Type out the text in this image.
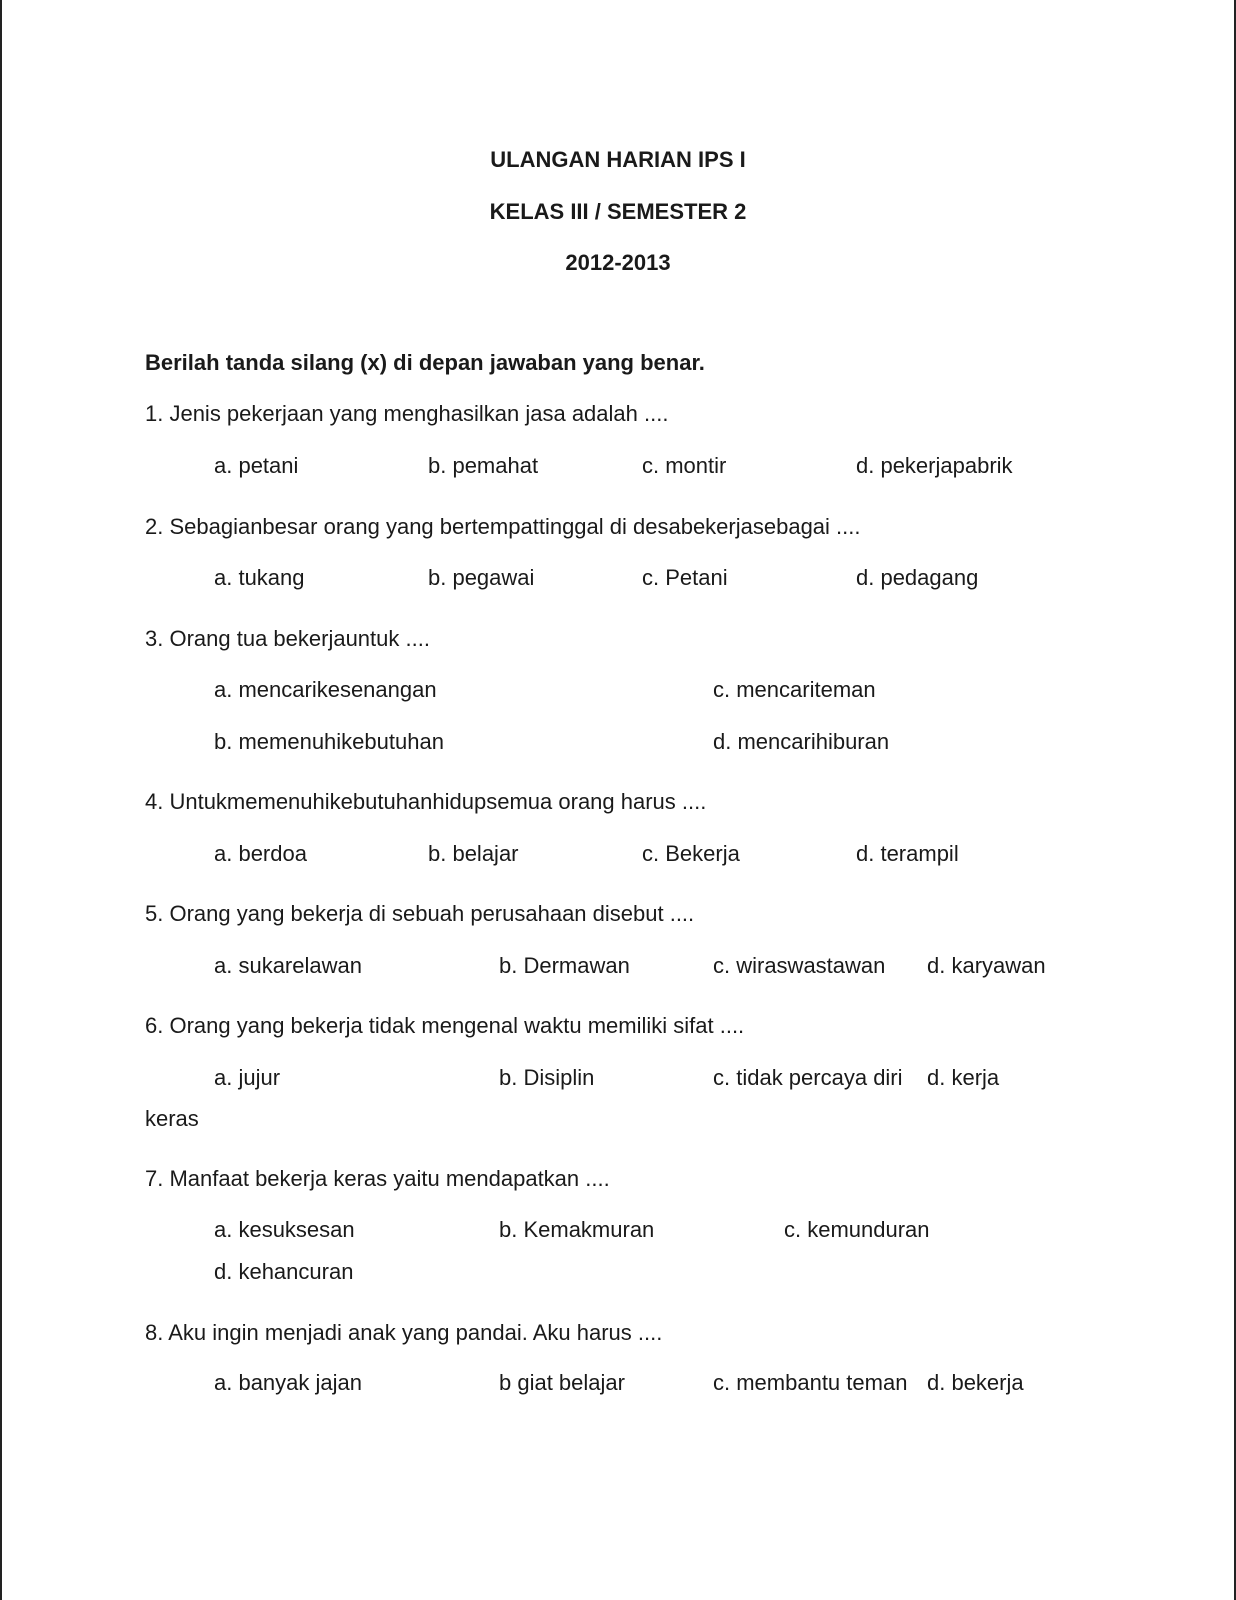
ULANGAN HARIAN IPS I
KELAS III / SEMESTER 2
2012-2013
Berilah tanda silang (x) di depan jawaban yang benar.
1. Jenis pekerjaan yang menghasilkan jasa adalah ....
a. petani	b. pemahat	c. montir	d. pekerjapabrik
2. Sebagianbesar orang yang bertempattinggal di desabekerjasebagai ....
a. tukang	b. pegawai	c. Petani	d. pedagang
3. Orang tua bekerjauntuk ....
a. mencarikesenangan	c. mencariteman
b. memenuhikebutuhan	d. mencarihiburan
4. Untukmemenuhikebutuhanhidupsemua orang harus ....
a. berdoa	b. belajar	c. Bekerja	d. terampil
5. Orang yang bekerja di sebuah perusahaan disebut ....
a. sukarelawan	b. Dermawan	c. wiraswastawan d. karyawan
6. Orang yang bekerja tidak mengenal waktu memiliki sifat ....
a. jujur	b. Disiplin	c. tidak percaya diri d. kerja
keras
7. Manfaat bekerja keras yaitu mendapatkan ....
a. kesuksesan	b. Kemakmuran	c. kemunduran
d. kehancuran
8. Aku ingin menjadi anak yang pandai. Aku harus ....
a. banyak jajan	b giat belajar	c. membantu teman d. bekerja
